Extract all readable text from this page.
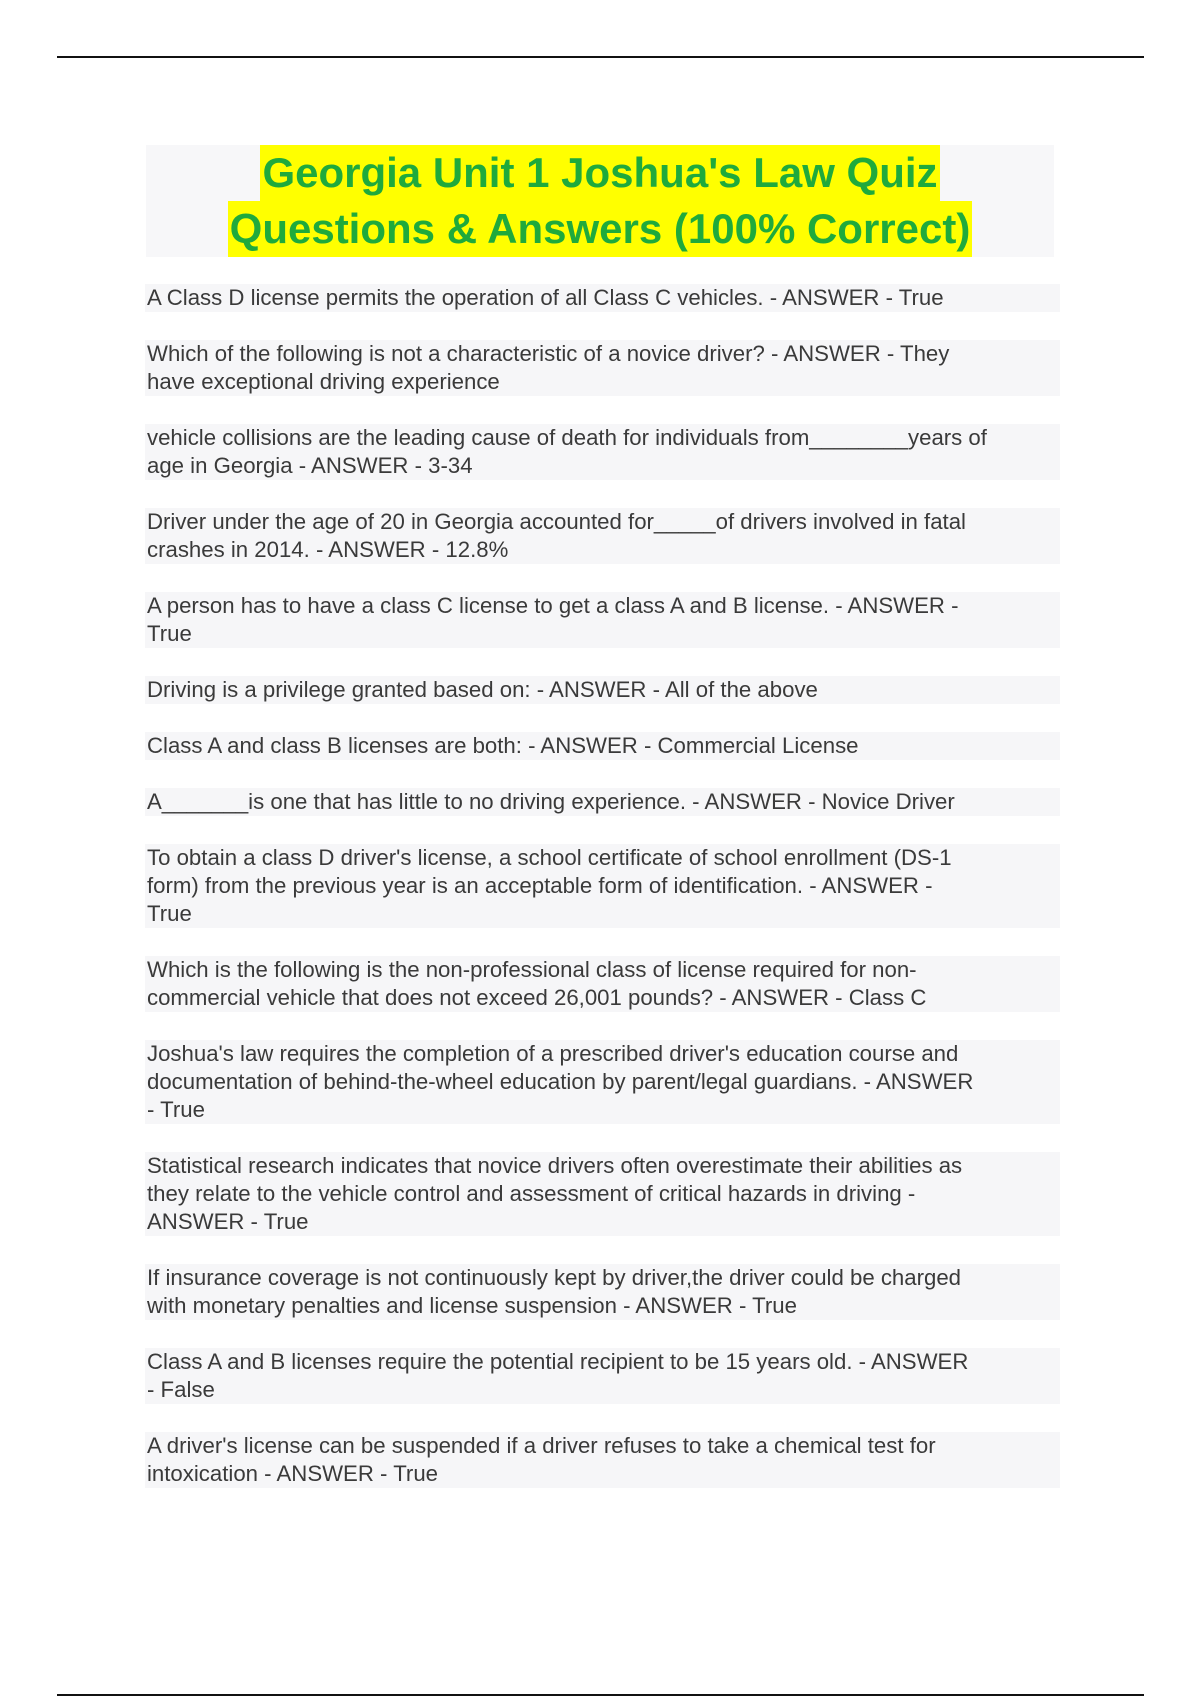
Georgia Unit 1 Joshua's Law Quiz
Questions & Answers (100% Correct)
A Class D license permits the operation of all Class C vehicles. - ANSWER - True
Which of the following is not a characteristic of a novice driver? - ANSWER - They
have exceptional driving experience
vehicle collisions are the leading cause of death for individuals from________years of
age in Georgia - ANSWER - 3-34
Driver under the age of 20 in Georgia accounted for_____of drivers involved in fatal
crashes in 2014. - ANSWER - 12.8%
A person has to have a class C license to get a class A and B license. - ANSWER -
True
Driving is a privilege granted based on: - ANSWER - All of the above
Class A and class B licenses are both: - ANSWER - Commercial License
A_______is one that has little to no driving experience. - ANSWER - Novice Driver
To obtain a class D driver's license, a school certificate of school enrollment (DS-1
form) from the previous year is an acceptable form of identification. - ANSWER -
True
Which is the following is the non-professional class of license required for non-
commercial vehicle that does not exceed 26,001 pounds? - ANSWER - Class C
Joshua's law requires the completion of a prescribed driver's education course and
documentation of behind-the-wheel education by parent/legal guardians. - ANSWER
- True
Statistical research indicates that novice drivers often overestimate their abilities as
they relate to the vehicle control and assessment of critical hazards in driving -
ANSWER - True
If insurance coverage is not continuously kept by driver,the driver could be charged
with monetary penalties and license suspension - ANSWER - True
Class A and B licenses require the potential recipient to be 15 years old. - ANSWER
- False
A driver's license can be suspended if a driver refuses to take a chemical test for
intoxication - ANSWER - True
